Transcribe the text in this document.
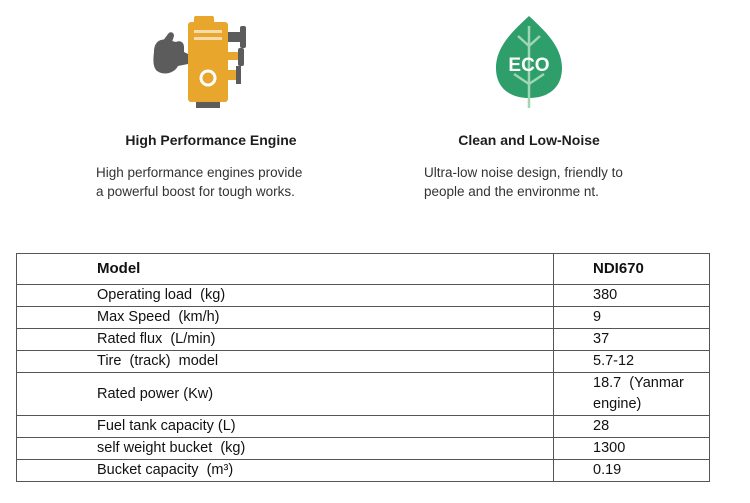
High Performance Engine
High performance engines provide
a powerful boost for tough works.
ECO
Clean and Low-Noise
Ultra-low noise design, friendly to
people and the environme nt.
Model	NDI670
Operating load  (kg)	380
Max Speed  (km/h)	9
Rated flux  (L/min)	37
Tire  (track)  model	5.7-12
Rated power (Kw)	18.7  (Yanmar engine)
Fuel tank capacity (L)	28
self weight bucket  (kg)	1300
Bucket capacity  (m³)	0.19
